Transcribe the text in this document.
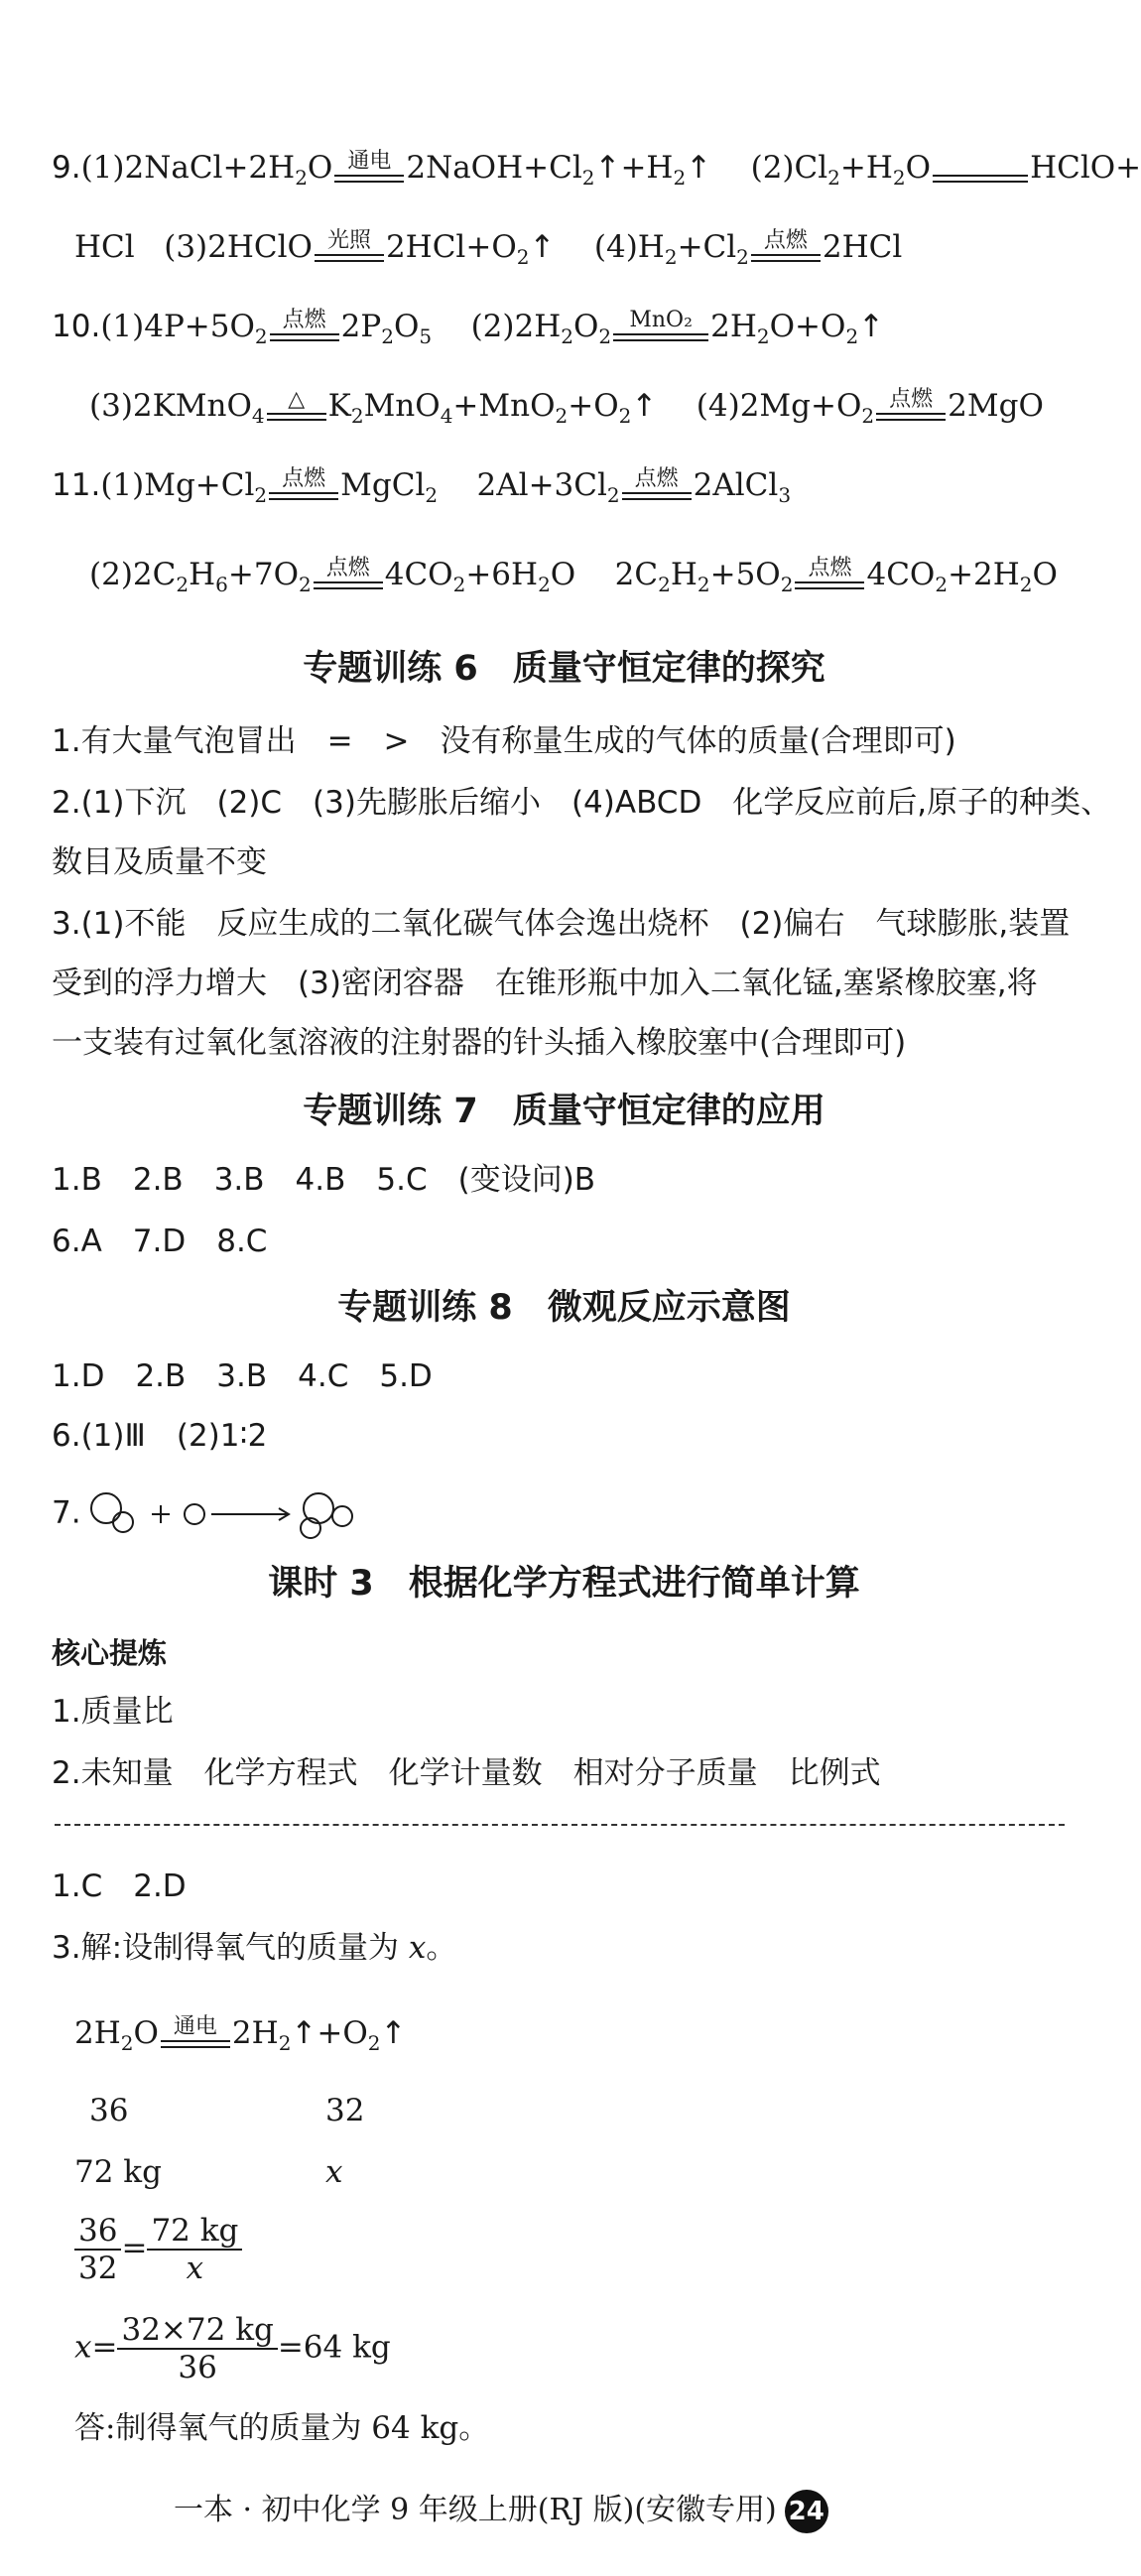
$9.(1)2NaCl+2H_2O$ 通电 $2NaOH+Cl_2↑+H_2↑$ $(2)Cl_2+H_2O$
	HClO+
HCl (3)2HClO 光照 $2HCl+O_2↑$ $(4)H_2+Cl_2$
点燃 2HCl
$10.(1)4P+5O_2$
点燃 $2P_2O_5$ $(2)2H_2O_2$
MnO₂ $2H_2O+O_2↑$
(3)2KMnO$_4$
△ $K_2MnO_4+MnO_2+O_2↑$ $(4)2Mg+O_2$
点燃 2MgO
$11.(1)Mg+Cl_2$
点燃 MgCl$_2$ $2Al+3Cl_2$
点燃 2AlCl$_3$
$(2)2C_2H_6+7O_2$
点燃 $4CO_2+6H_2O$ $2C_2H_2+5O_2$
点燃 $4CO_2+2H_2O$
专题训练 6　质量守恒定律的探究
1.有大量气泡冒出　=　>　没有称量生成的气体的质量(合理即可)
2.(1)下沉　(2)C　(3)先膨胀后缩小　(4)ABCD　化学反应前后,原子的种类、
数目及质量不变
3.(1)不能　反应生成的二氧化碳气体会逸出烧杯　(2)偏右　气球膨胀,装置
受到的浮力增大　(3)密闭容器　在锥形瓶中加入二氧化锰,塞紧橡胶塞,将
一支装有过氧化氢溶液的注射器的针头插入橡胶塞中(合理即可)
专题训练 7　质量守恒定律的应用
1.B　2.B　3.B　4.B　5.C　(变设问)B
6.A　7.D　8.C
专题训练 8　微观反应示意图
1.D　2.B　3.B　4.C　5.D
6.(1)Ⅲ　(2)1∶2
7.
课时 3　根据化学方程式进行简单计算
核心提炼
1.质量比
2.未知量　化学方程式　化学计量数　相对分子质量　比例式
1.C　2.D
3.解:设制得氧气的质量为 x。
$2H_2O$ 通电 $2H_2↑+O_2↑$
36	32
72 kg	x
$\frac{36}{32} = \frac{72 kg}{x}$
$x= \frac{32\times 72 kg}{36} =64$ kg
答:制得氧气的质量为 64 kg。
一本 · 初中化学 9 年级上册(RJ 版)(安徽专用) 24
